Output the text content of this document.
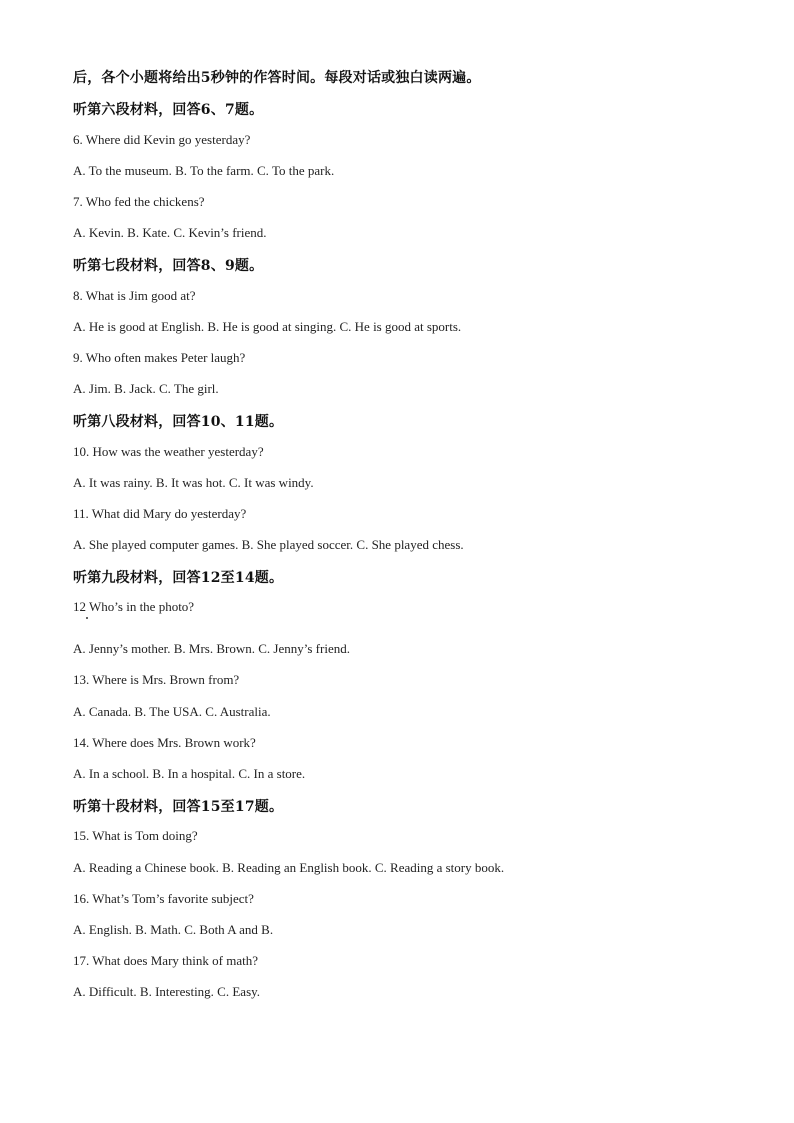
后，各个小题将给出5秒钟的作答时间。每段对话或独白读两遍。

听第六段材料，回答6、7题。

6. Where did Kevin go yesterday?

A. To the museum. B. To the farm. C. To the park.

7. Who fed the chickens?

A. Kevin. B. Kate. C. Kevin’s friend.

听第七段材料，回答8、9题。

8. What is Jim good at?

A. He is good at English. B. He is good at singing. C. He is good at sports.

9. Who often makes Peter laugh?

A. Jim. B. Jack. C. The girl.

听第八段材料，回答10、11题。

10. How was the weather yesterday?

A. It was rainy. B. It was hot. C. It was windy.

11. What did Mary do yesterday?

A. She played computer games. B. She played soccer. C. She played chess.

听第九段材料，回答12至14题。

12 Who’s in the photo?

A. Jenny’s mother. B. Mrs. Brown. C. Jenny’s friend.

13. Where is Mrs. Brown from?

A. Canada. B. The USA. C. Australia.

14. Where does Mrs. Brown work?

A. In a school. B. In a hospital. C. In a store.

听第十段材料，回答15至17题。

15. What is Tom doing?

A. Reading a Chinese book. B. Reading an English book. C. Reading a story book.

16. What’s Tom’s favorite subject?

A. English. B. Math. C. Both A and B.

17. What does Mary think of math?

A. Difficult. B. Interesting. C. Easy.
